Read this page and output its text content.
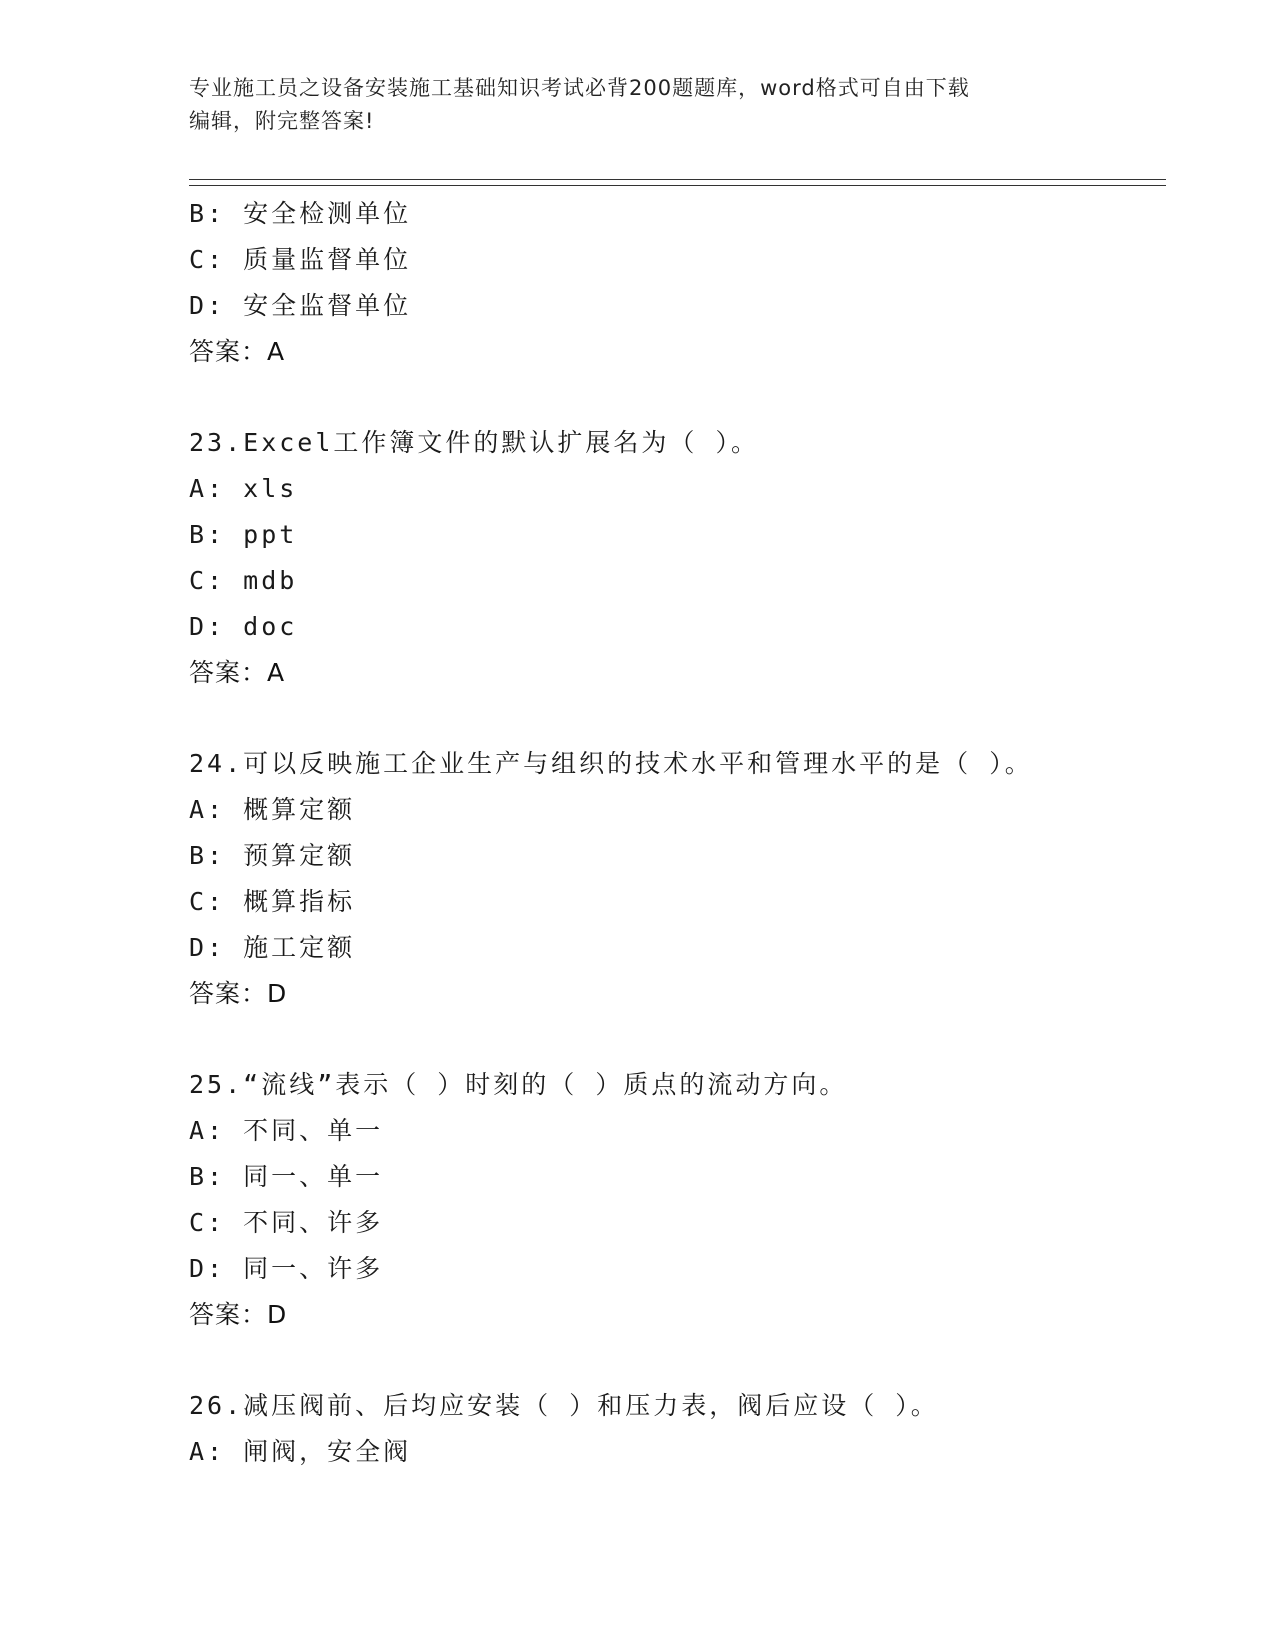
专业施工员之设备安装施工基础知识考试必背200题题库，word格式可自由下载
编辑，附完整答案!
B: 安全检测单位
C: 质量监督单位
D: 安全监督单位
答案：A
23.Excel工作簿文件的默认扩展名为（ ）。
A: xls
B: ppt
C: mdb
D: doc
答案：A
24.可以反映施工企业生产与组织的技术水平和管理水平的是（ ）。
A: 概算定额
B: 预算定额
C: 概算指标
D: 施工定额
答案：D
25.“流线”表示（ ）时刻的（ ）质点的流动方向。
A: 不同、单一
B: 同一、单一
C: 不同、许多
D: 同一、许多
答案：D
26.减压阀前、后均应安装（ ）和压力表，阀后应设（ ）。
A: 闸阀，安全阀
